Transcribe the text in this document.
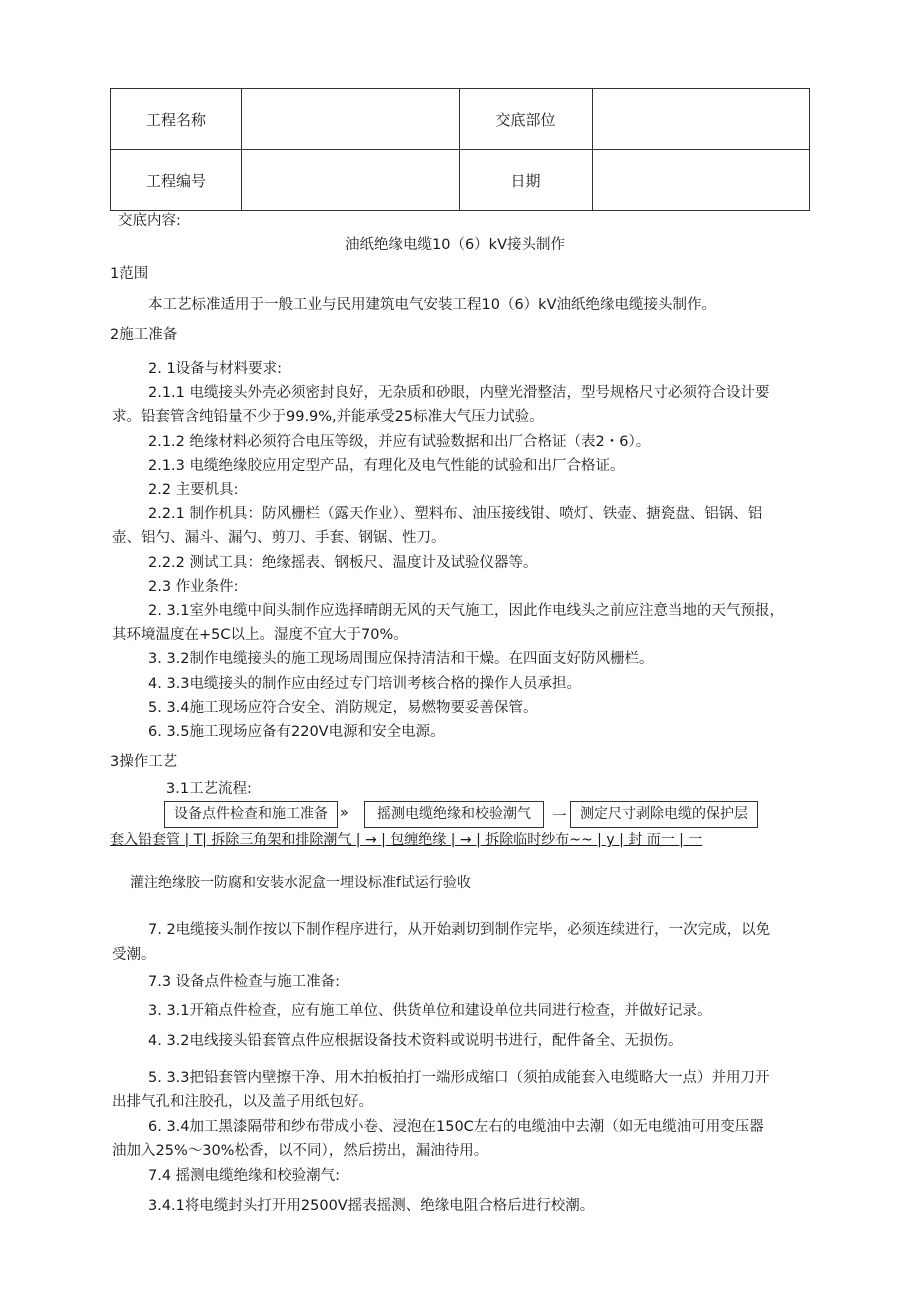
工程名称		交底部位	
工程编号		日期	
交底内容:
油纸绝缘电缆10（6）kV接头制作
1范围
本工艺标准适用于一般工业与民用建筑电气安装工程10（6）kV油纸绝缘电缆接头制作。
2施工准备
2. 1设备与材料要求:
2.1.1 电缆接头外壳必须密封良好，无杂质和砂眼，内壁光滑整洁，型号规格尺寸必须符合设计要
求。铅套管含纯铅量不少于99.9%,并能承受25标准大气压力试验。
2.1.2 绝缘材料必须符合电压等级，并应有试验数据和出厂合格证（表2・6）。
2.1.3 电缆绝缘胶应用定型产品，有理化及电气性能的试验和出厂合格证。
2.2 主要机具:
2.2.1 制作机具：防风栅栏（露天作业）、塑料布、油压接线钳、喷灯、铁壶、搪瓷盘、铝锅、铝
壶、铝勺、漏斗、漏勺、剪刀、手套、钢锯、性刀。
2.2.2 测试工具：绝缘摇表、钢板尺、温度计及试验仪器等。
2.3 作业条件:
2. 3.1室外电缆中间头制作应选择晴朗无风的天气施工，因此作电线头之前应注意当地的天气预报，
其环境温度在+5C以上。湿度不宜大于70%。
3. 3.2制作电缆接头的施工现场周围应保持清洁和干燥。在四面支好防风栅栏。
4. 3.3电缆接头的制作应由经过专门培训考核合格的操作人员承担。
5. 3.4施工现场应符合安全、消防规定，易燃物要妥善保管。
6. 3.5施工现场应备有220V电源和安全电源。
3操作工艺
3.1工艺流程:
设备点件检查和施工准备 »	摇测电缆绝缘和校验潮气	一 测定尺寸剥除电缆的保护层
套入铅套管 | T| 拆除三角架和排除潮气 | → | 包缠绝缘 | → | 拆除临时纱布~~ | y | 封 而一 | 一
灌注绝缘胶一防腐和安装水泥盒一埋设标准f试运行验收
7. 2电缆接头制作按以下制作程序进行，从开始剥切到制作完毕，必须连续进行，一次完成，以免
受潮。
7.3 设备点件检查与施工准备:
3. 3.1开箱点件检查，应有施工单位、供货单位和建设单位共同进行检查，并做好记录。
4. 3.2电线接头铅套管点件应根据设备技术资料或说明书进行，配件备全、无损伤。
5. 3.3把铅套管内壁擦干净、用木拍板拍打一端形成缩口（须拍成能套入电缆略大一点）并用刀开
出排气孔和注胶孔，以及盖子用纸包好。
6. 3.4加工黑漆隔带和纱布带成小卷、浸泡在150C左右的电缆油中去潮（如无电缆油可用变压器
油加入25%～30%松香，以不同），然后捞出，漏油待用。
7.4 摇测电缆绝缘和校验潮气:
3.4.1将电缆封头打开用2500V摇表摇测、绝缘电阻合格后进行校潮。
